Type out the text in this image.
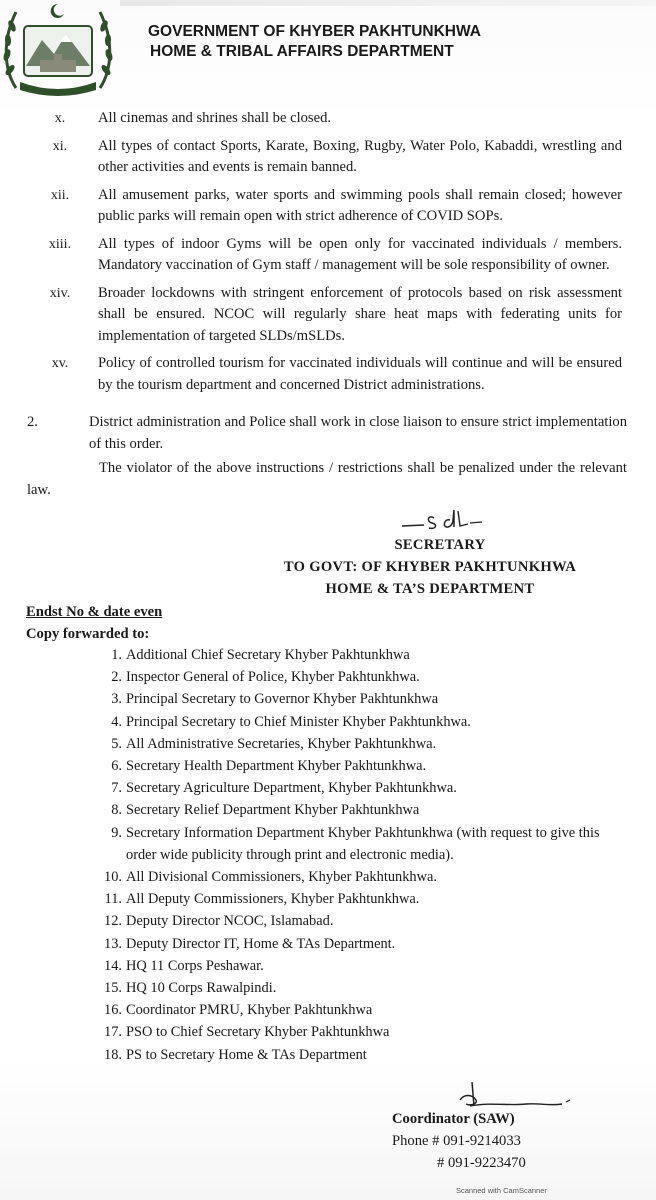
GOVERNMENT OF KHYBER PAKHTUNKHWA
HOME & TRIBAL AFFAIRS DEPARTMENT
x.	All cinemas and shrines shall be closed.
xi.	All types of contact Sports, Karate, Boxing, Rugby, Water Polo, Kabaddi, wrestling and other activities and events is remain banned.
xii.	All amusement parks, water sports and swimming pools shall remain closed; however public parks will remain open with strict adherence of COVID SOPs.
xiii.	All types of indoor Gyms will be open only for vaccinated individuals / members. Mandatory vaccination of Gym staff / management will be sole responsibility of owner.
xiv.	Broader lockdowns with stringent enforcement of protocols based on risk assessment shall be ensured. NCOC will regularly share heat maps with federating units for implementation of targeted SLDs/mSLDs.
xv.	Policy of controlled tourism for vaccinated individuals will continue and will be ensured by the tourism department and concerned District administrations.
2.	District administration and Police shall work in close liaison to ensure strict implementation of this order.
The violator of the above instructions / restrictions shall be penalized under the relevant law.
SECRETARY
TO GOVT: OF KHYBER PAKHTUNKHWA
HOME & TA’S DEPARTMENT
Endst No & date even
Copy forwarded to:
1. Additional Chief Secretary Khyber Pakhtunkhwa
2. Inspector General of Police, Khyber Pakhtunkhwa.
3. Principal Secretary to Governor Khyber Pakhtunkhwa
4. Principal Secretary to Chief Minister Khyber Pakhtunkhwa.
5. All Administrative Secretaries, Khyber Pakhtunkhwa.
6. Secretary Health Department Khyber Pakhtunkhwa.
7. Secretary Agriculture Department, Khyber Pakhtunkhwa.
8. Secretary Relief Department Khyber Pakhtunkhwa
9. Secretary Information Department Khyber Pakhtunkhwa (with request to give this order wide publicity through print and electronic media).
10. All Divisional Commissioners, Khyber Pakhtunkhwa.
11. All Deputy Commissioners, Khyber Pakhtunkhwa.
12. Deputy Director NCOC, Islamabad.
13. Deputy Director IT, Home & TAs Department.
14. HQ 11 Corps Peshawar.
15. HQ 10 Corps Rawalpindi.
16. Coordinator PMRU, Khyber Pakhtunkhwa
17. PSO to Chief Secretary Khyber Pakhtunkhwa
18. PS to Secretary Home & TAs Department
Coordinator (SAW)
Phone # 091-9214033
# 091-9223470
Scanned with CamScanner
